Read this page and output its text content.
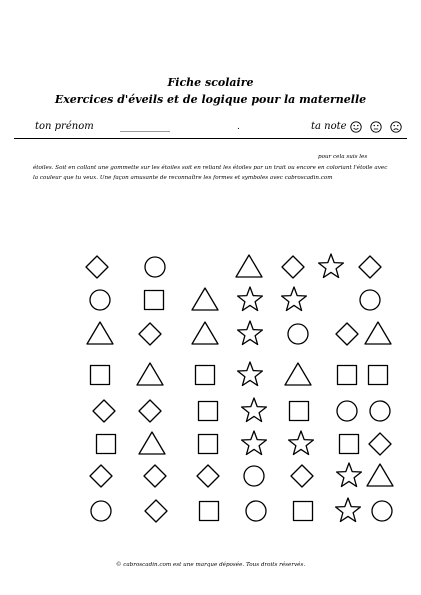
Fiche scolaire
Exercices d'éveils et de logique pour la maternelle
ton prénom	__________	.	ta note

pour cela suis les
étoiles. Soit en collant une gommette sur les étoiles soit en reliant les étoiles par un trait ou encore en coloriant l'étoile avec la couleur que tu veux. Une façon amusante de reconnaître les formes et symboles avec cabroscadin.com
© cabroscadin.com est une marque déposée. Tous droits réservés.
